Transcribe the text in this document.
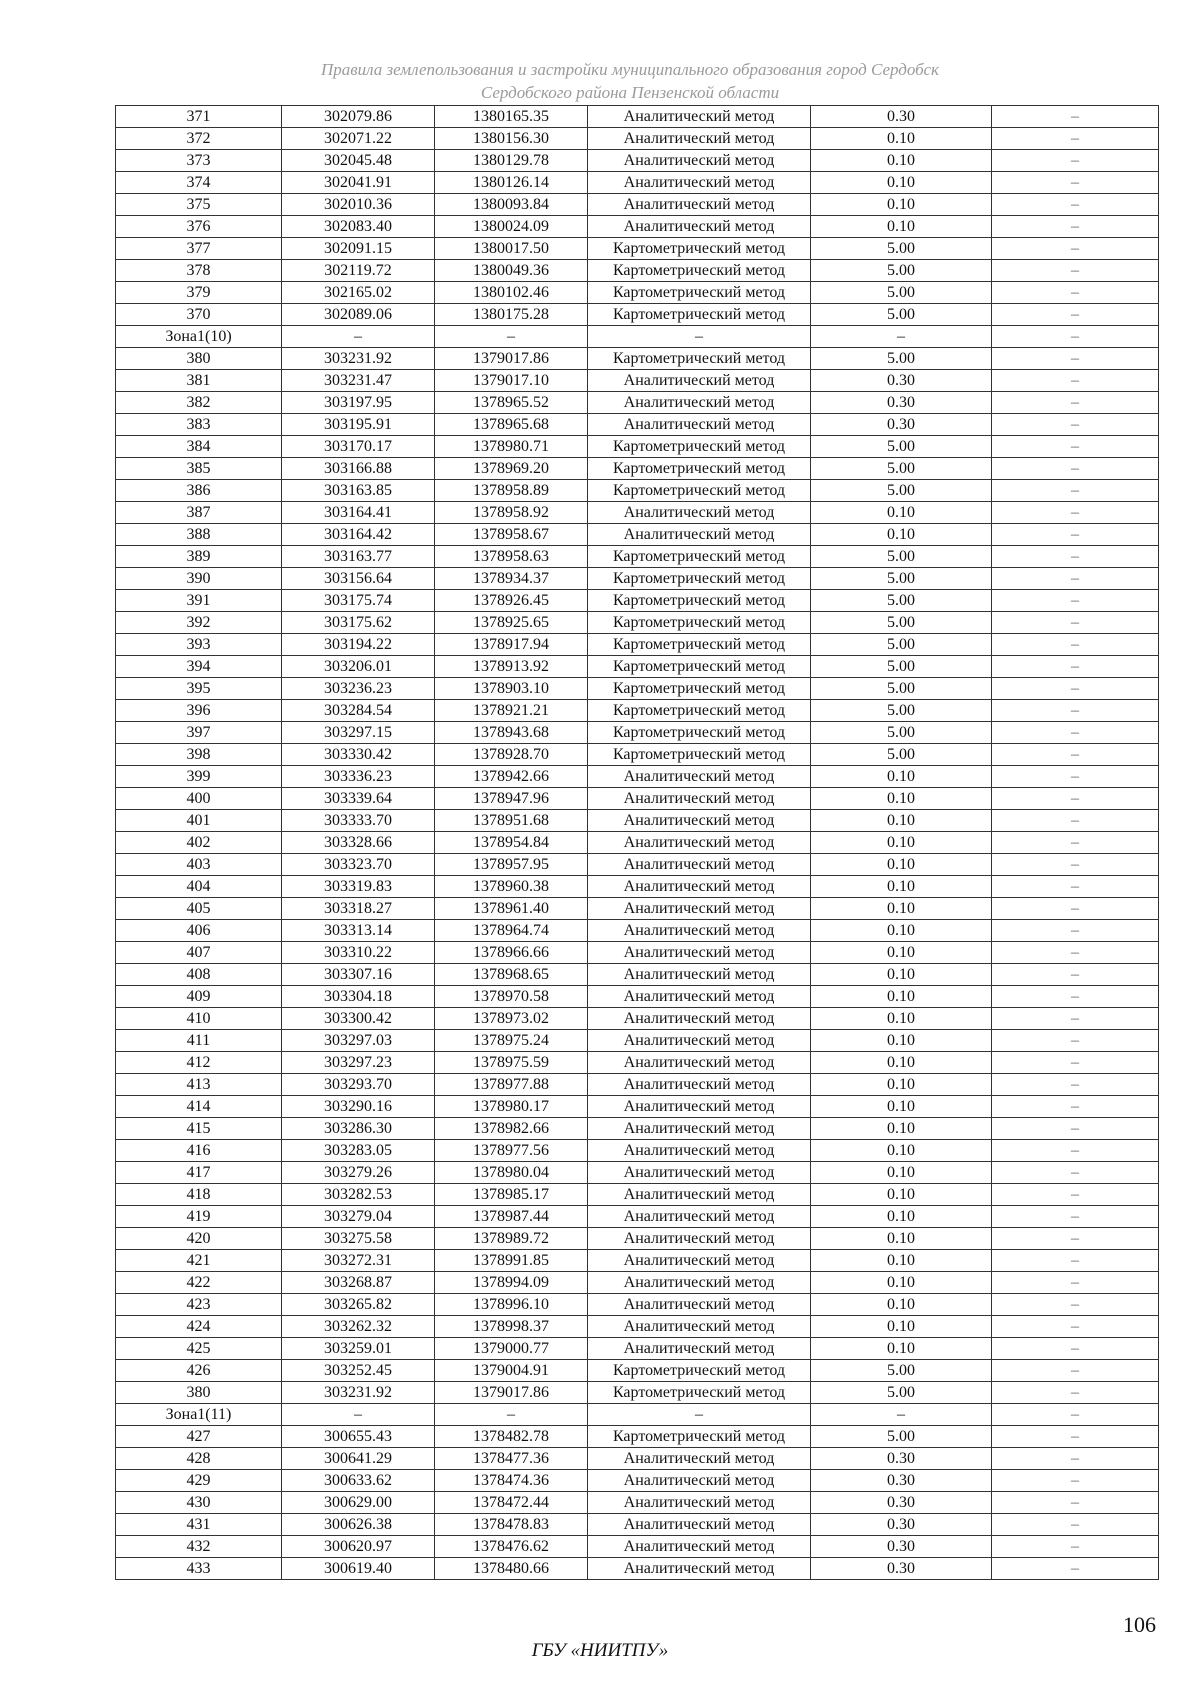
Правила землепользования и застройки муниципального образования город Сердобск
Сердобского района Пензенской области
371	302079.86	1380165.35	Аналитический метод	0.30	–
372	302071.22	1380156.30	Аналитический метод	0.10	–
373	302045.48	1380129.78	Аналитический метод	0.10	–
374	302041.91	1380126.14	Аналитический метод	0.10	–
375	302010.36	1380093.84	Аналитический метод	0.10	–
376	302083.40	1380024.09	Аналитический метод	0.10	–
377	302091.15	1380017.50	Картометрический метод	5.00	–
378	302119.72	1380049.36	Картометрический метод	5.00	–
379	302165.02	1380102.46	Картометрический метод	5.00	–
370	302089.06	1380175.28	Картометрический метод	5.00	–
Зона1(10)	–	–	–	–	–
380	303231.92	1379017.86	Картометрический метод	5.00	–
381	303231.47	1379017.10	Аналитический метод	0.30	–
382	303197.95	1378965.52	Аналитический метод	0.30	–
383	303195.91	1378965.68	Аналитический метод	0.30	–
384	303170.17	1378980.71	Картометрический метод	5.00	–
385	303166.88	1378969.20	Картометрический метод	5.00	–
386	303163.85	1378958.89	Картометрический метод	5.00	–
387	303164.41	1378958.92	Аналитический метод	0.10	–
388	303164.42	1378958.67	Аналитический метод	0.10	–
389	303163.77	1378958.63	Картометрический метод	5.00	–
390	303156.64	1378934.37	Картометрический метод	5.00	–
391	303175.74	1378926.45	Картометрический метод	5.00	–
392	303175.62	1378925.65	Картометрический метод	5.00	–
393	303194.22	1378917.94	Картометрический метод	5.00	–
394	303206.01	1378913.92	Картометрический метод	5.00	–
395	303236.23	1378903.10	Картометрический метод	5.00	–
396	303284.54	1378921.21	Картометрический метод	5.00	–
397	303297.15	1378943.68	Картометрический метод	5.00	–
398	303330.42	1378928.70	Картометрический метод	5.00	–
399	303336.23	1378942.66	Аналитический метод	0.10	–
400	303339.64	1378947.96	Аналитический метод	0.10	–
401	303333.70	1378951.68	Аналитический метод	0.10	–
402	303328.66	1378954.84	Аналитический метод	0.10	–
403	303323.70	1378957.95	Аналитический метод	0.10	–
404	303319.83	1378960.38	Аналитический метод	0.10	–
405	303318.27	1378961.40	Аналитический метод	0.10	–
406	303313.14	1378964.74	Аналитический метод	0.10	–
407	303310.22	1378966.66	Аналитический метод	0.10	–
408	303307.16	1378968.65	Аналитический метод	0.10	–
409	303304.18	1378970.58	Аналитический метод	0.10	–
410	303300.42	1378973.02	Аналитический метод	0.10	–
411	303297.03	1378975.24	Аналитический метод	0.10	–
412	303297.23	1378975.59	Аналитический метод	0.10	–
413	303293.70	1378977.88	Аналитический метод	0.10	–
414	303290.16	1378980.17	Аналитический метод	0.10	–
415	303286.30	1378982.66	Аналитический метод	0.10	–
416	303283.05	1378977.56	Аналитический метод	0.10	–
417	303279.26	1378980.04	Аналитический метод	0.10	–
418	303282.53	1378985.17	Аналитический метод	0.10	–
419	303279.04	1378987.44	Аналитический метод	0.10	–
420	303275.58	1378989.72	Аналитический метод	0.10	–
421	303272.31	1378991.85	Аналитический метод	0.10	–
422	303268.87	1378994.09	Аналитический метод	0.10	–
423	303265.82	1378996.10	Аналитический метод	0.10	–
424	303262.32	1378998.37	Аналитический метод	0.10	–
425	303259.01	1379000.77	Аналитический метод	0.10	–
426	303252.45	1379004.91	Картометрический метод	5.00	–
380	303231.92	1379017.86	Картометрический метод	5.00	–
Зона1(11)	–	–	–	–	–
427	300655.43	1378482.78	Картометрический метод	5.00	–
428	300641.29	1378477.36	Аналитический метод	0.30	–
429	300633.62	1378474.36	Аналитический метод	0.30	–
430	300629.00	1378472.44	Аналитический метод	0.30	–
431	300626.38	1378478.83	Аналитический метод	0.30	–
432	300620.97	1378476.62	Аналитический метод	0.30	–
433	300619.40	1378480.66	Аналитический метод	0.30	–
106
ГБУ «НИИТПУ»
